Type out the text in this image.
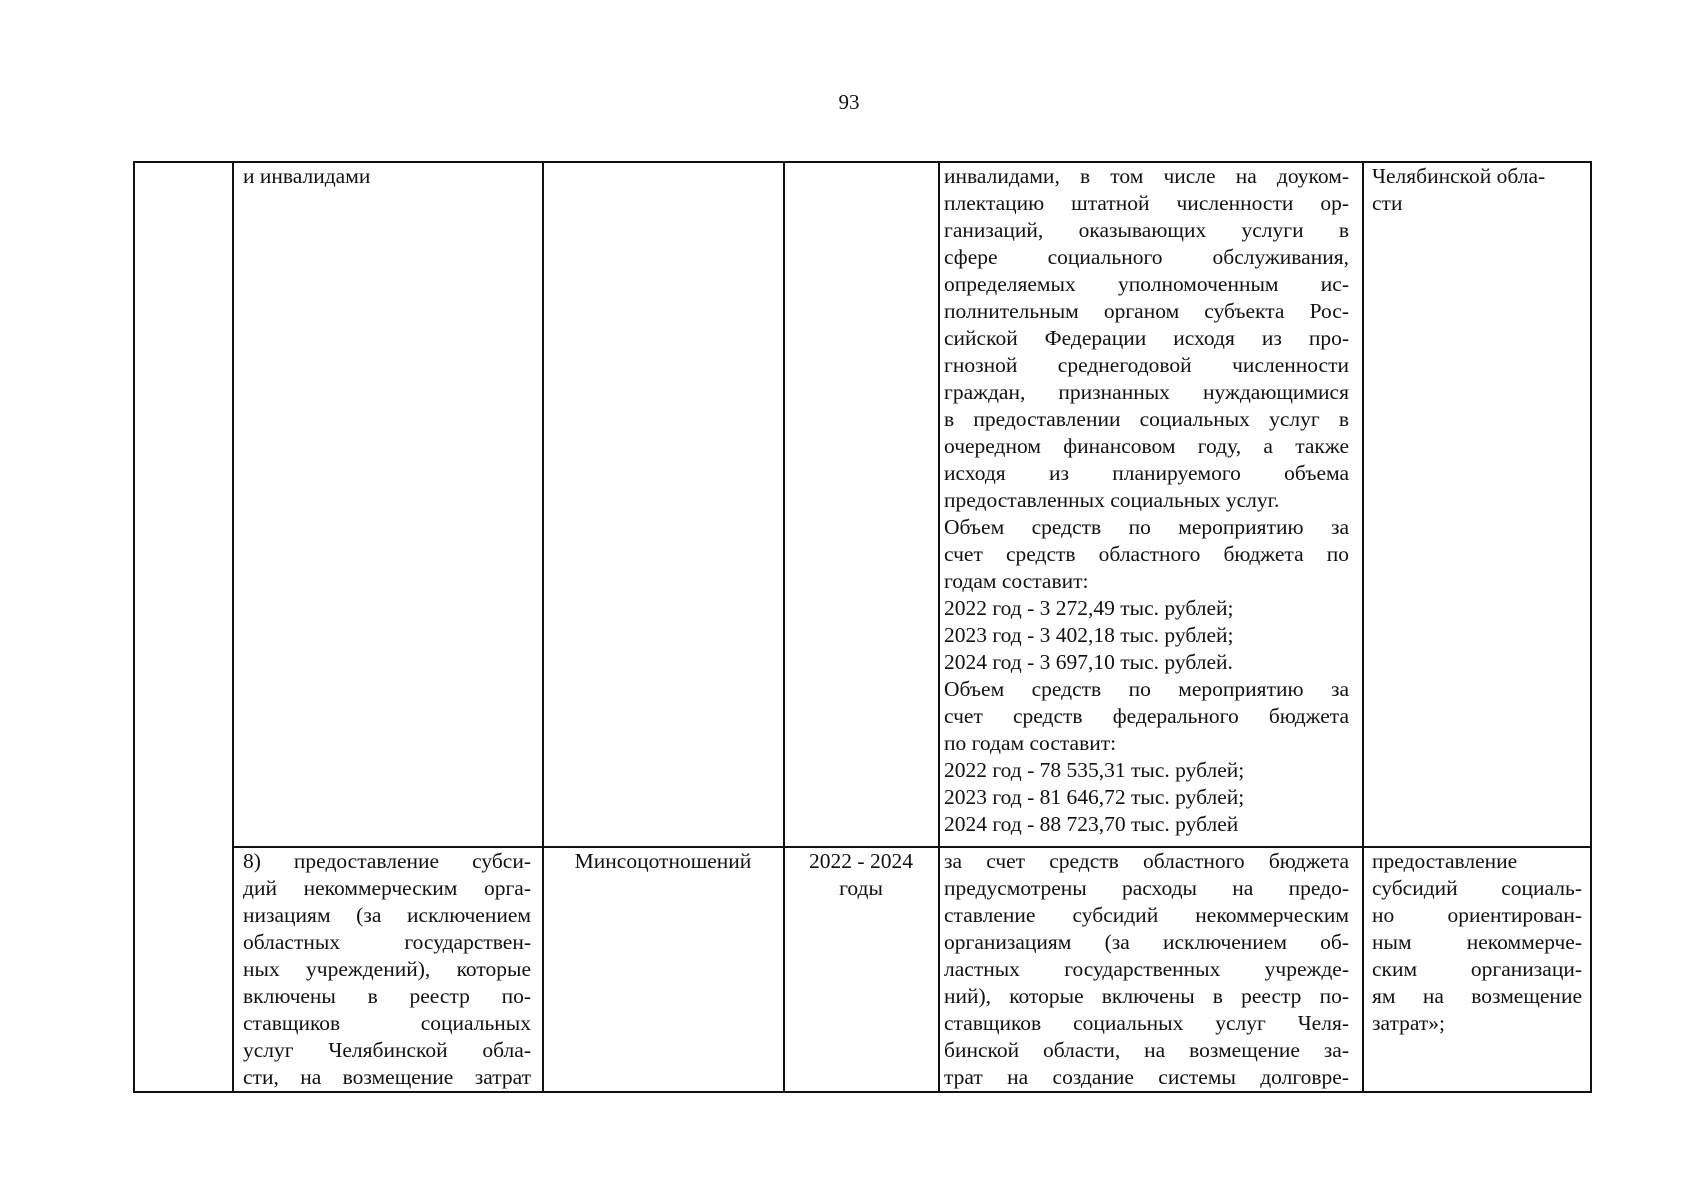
93

и инвалидами	инвалидами, в том числе на доуком-

плектацию штатной численности ор-

ганизаций, оказывающих услуги в

сфере социального обслуживания,

определяемых уполномоченным ис-

полнительным органом субъекта Рос-

сийской Федерации исходя из про-

гнозной среднегодовой численности

граждан, признанных нуждающимися

в предоставлении социальных услуг в

очередном финансовом году, а также

исходя из планируемого объема

предоставленных социальных услуг.

Объем средств по мероприятию за

счет средств областного бюджета по

годам составит:

2022 год - 3 272,49 тыс. рублей;

2023 год - 3 402,18 тыс. рублей;

2024 год - 3 697,10 тыс. рублей.

Объем средств по мероприятию за

счет средств федерального бюджета

по годам составит:

2022 год - 78 535,31 тыс. рублей;

2023 год - 81 646,72 тыс. рублей;

2024 год - 88 723,70 тыс. рублей

Челябинской обла-

сти

8) предоставление субси-

дий некоммерческим орга-

низациям (за исключением

областных государствен-

ных учреждений), которые

включены в реестр по-

ставщиков социальных

услуг Челябинской обла-

сти, на возмещение затрат

Минсоцотношений	2022 - 2024

годы

за счет средств областного бюджета

предусмотрены расходы на предо-

ставление субсидий некоммерческим

организациям (за исключением об-

ластных государственных учрежде-

ний), которые включены в реестр по-

ставщиков социальных услуг Челя-

бинской области, на возмещение за-

трат на создание системы долговре-

предоставление

субсидий социаль-

но ориентирован-

ным некоммерче-

ским организаци-

ям на возмещение

затрат»;
